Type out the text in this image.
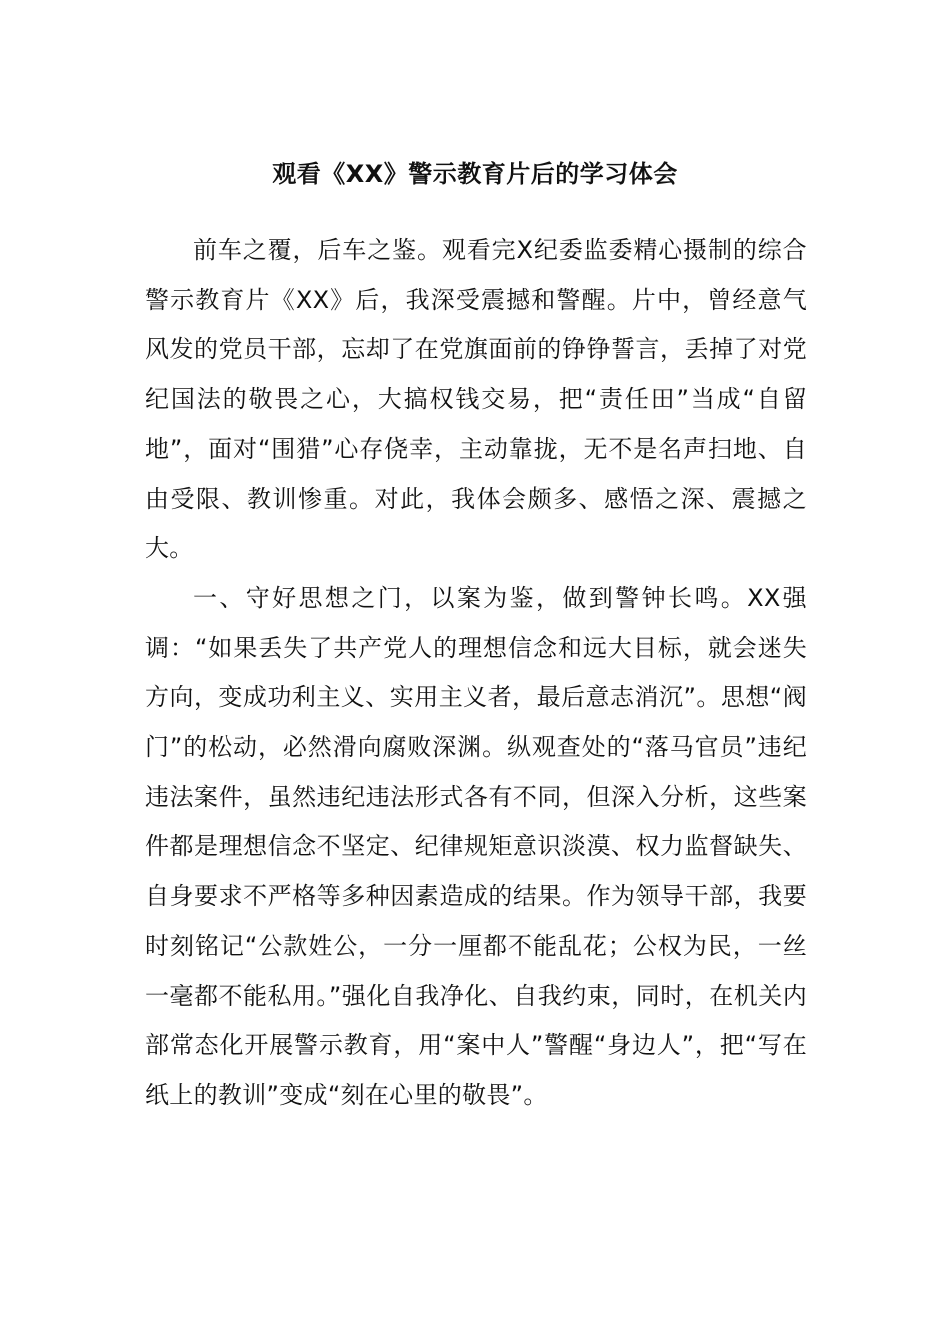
观看《XX》警示教育片后的学习体会

前车之覆，后车之鉴。观看完X纪委监委精心摄制的综合警示教育片《XX》后，我深受震撼和警醒。片中，曾经意气风发的党员干部，忘却了在党旗面前的铮铮誓言，丢掉了对党纪国法的敬畏之心，大搞权钱交易，把“责任田”当成“自留地”，面对“围猎”心存侥幸，主动靠拢，无不是名声扫地、自由受限、教训惨重。对此，我体会颇多、感悟之深、震撼之大。

一、守好思想之门，以案为鉴，做到警钟长鸣。XX强调：“如果丢失了共产党人的理想信念和远大目标，就会迷失方向，变成功利主义、实用主义者，最后意志消沉”。思想“阀门”的松动，必然滑向腐败深渊。纵观查处的“落马官员”违纪违法案件，虽然违纪违法形式各有不同，但深入分析，这些案件都是理想信念不坚定、纪律规矩意识淡漠、权力监督缺失、自身要求不严格等多种因素造成的结果。作为领导干部，我要时刻铭记“公款姓公，一分一厘都不能乱花；公权为民，一丝一毫都不能私用。”强化自我净化、自我约束，同时，在机关内部常态化开展警示教育，用“案中人”警醒“身边人”，把“写在纸上的教训”变成“刻在心里的敬畏”。
